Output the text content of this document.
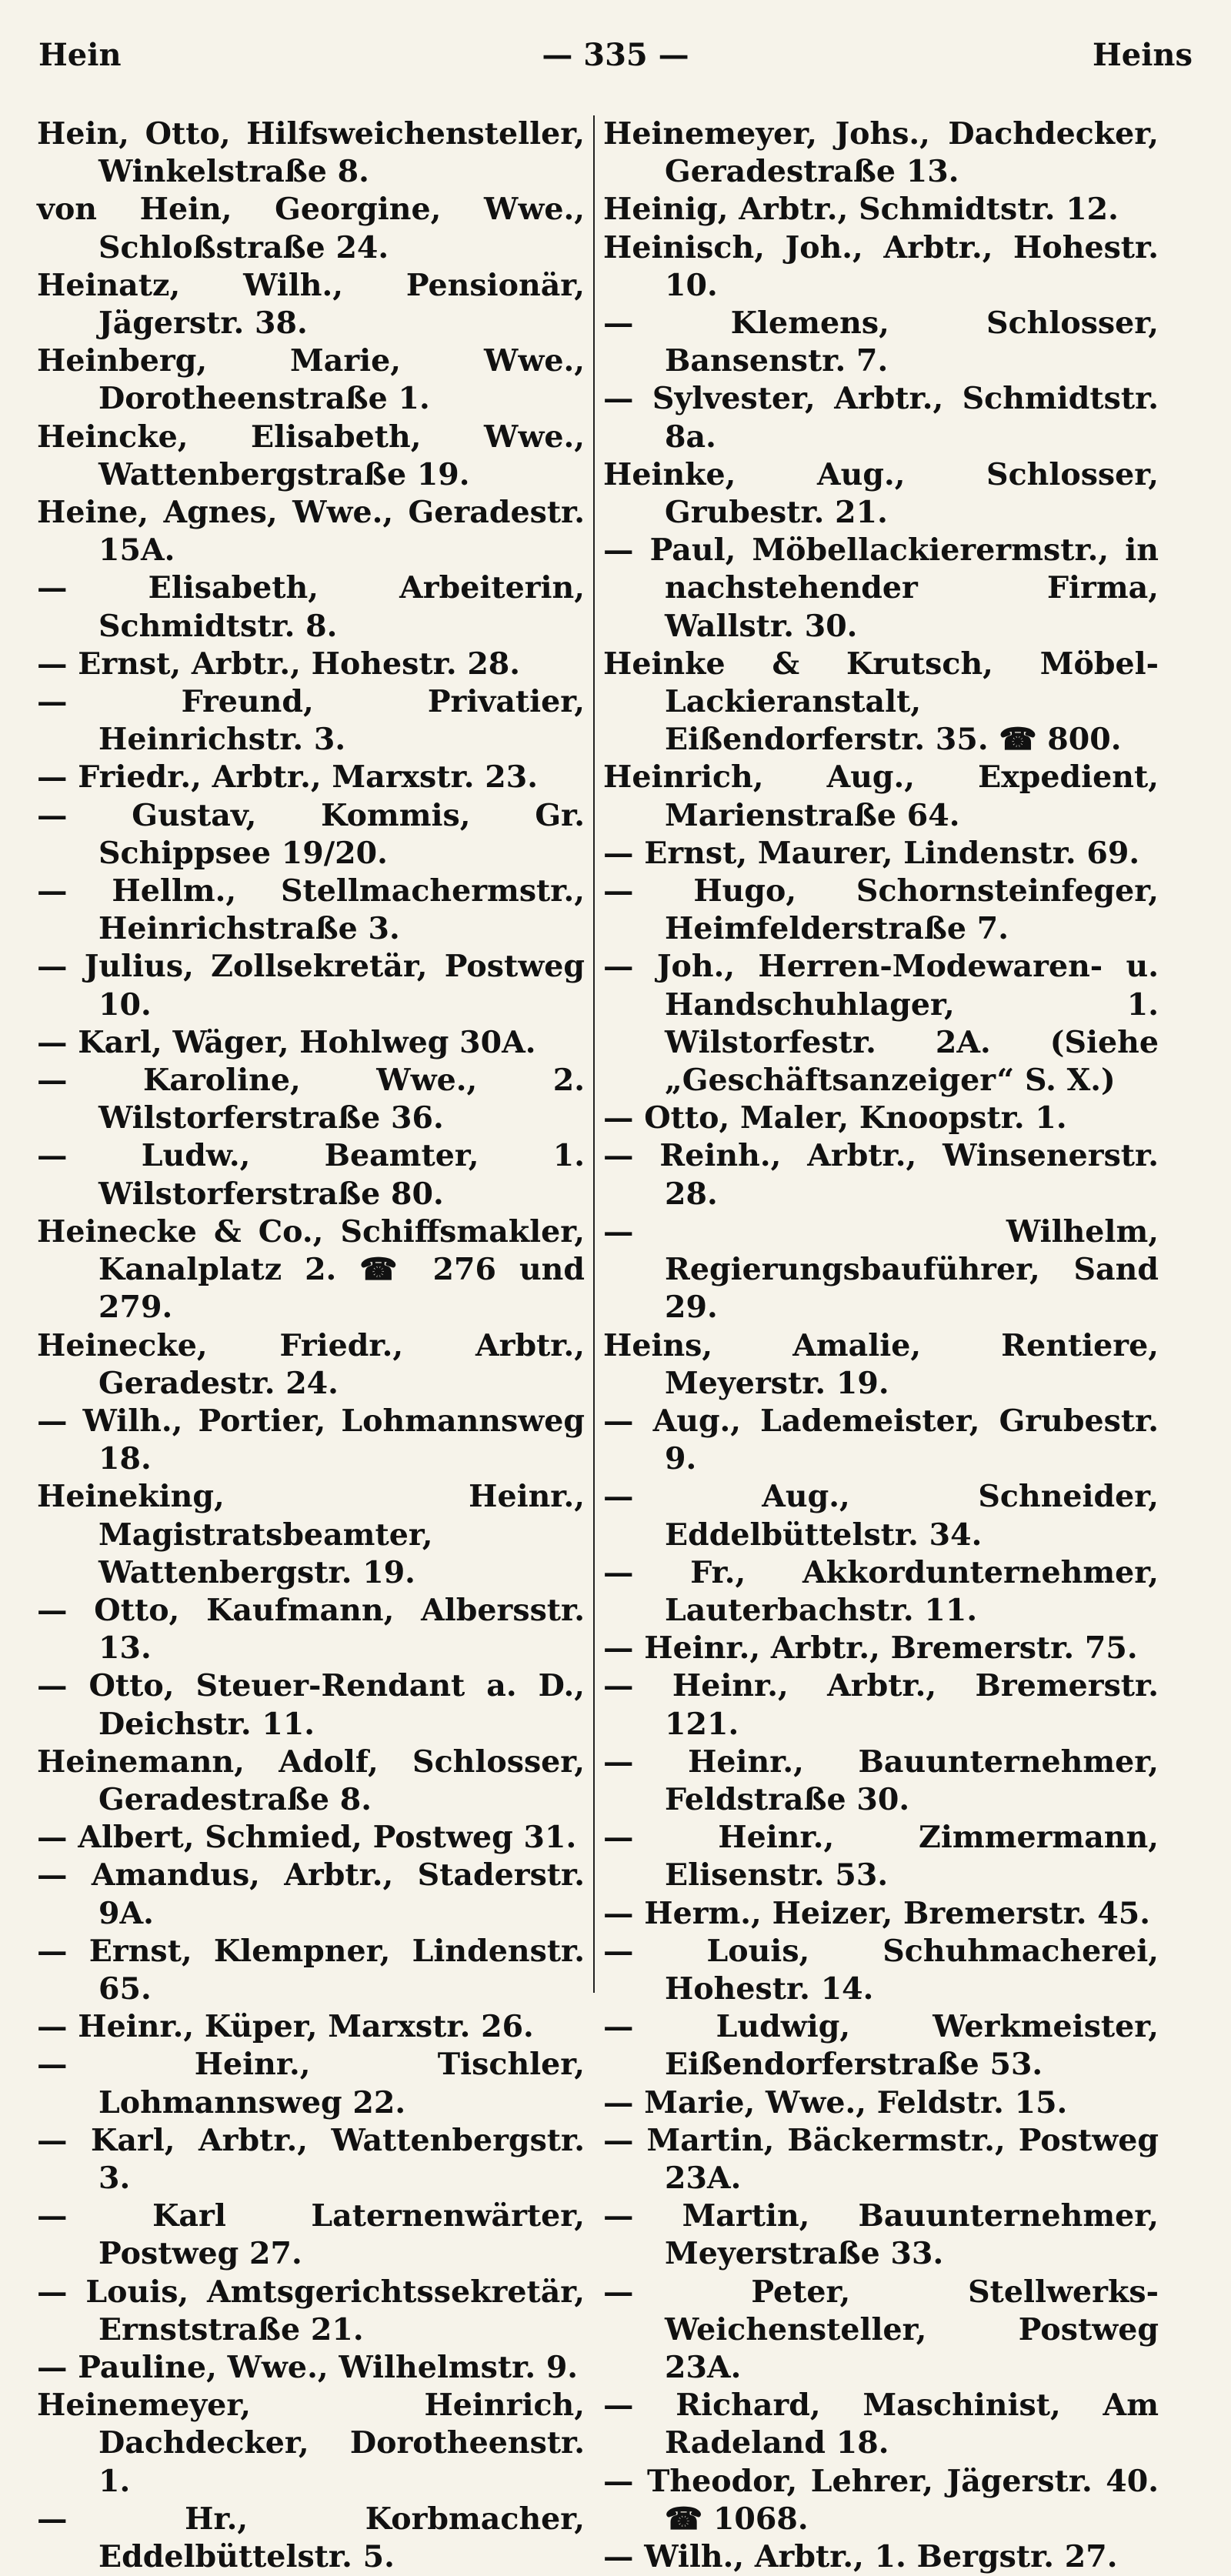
Hein	— 335 —	Heins

Hein, Otto, Hilfsweichensteller, Winkelstraße 8.

von Hein, Georgine, Wwe., Schloßstraße 24.

Heinatz, Wilh., Pensionär, Jägerstr. 38.

Heinberg, Marie, Wwe., Dorotheenstraße 1.

Heincke, Elisabeth, Wwe., Wattenbergstraße 19.

Heine, Agnes, Wwe., Geradestr. 15A.

— Elisabeth, Arbeiterin, Schmidtstr. 8.

— Ernst, Arbtr., Hohestr. 28.

— Freund, Privatier, Heinrichstr. 3.

— Friedr., Arbtr., Marxstr. 23.

— Gustav, Kommis, Gr. Schippsee 19/20.

— Hellm., Stellmachermstr., Heinrichstraße 3.

— Julius, Zollsekretär, Postweg 10.

— Karl, Wäger, Hohlweg 30A.

— Karoline, Wwe., 2. Wilstorferstraße 36.

— Ludw., Beamter, 1. Wilstorferstraße 80.

Heinecke & Co., Schiffsmakler, Kanalplatz 2. ☎ 276 und 279.

Heinecke, Friedr., Arbtr., Geradestr. 24.

— Wilh., Portier, Lohmannsweg 18.

Heineking, Heinr., Magistratsbeamter, Wattenbergstr. 19.

— Otto, Kaufmann, Albersstr. 13.

— Otto, Steuer-Rendant a. D., Deichstr. 11.

Heinemann, Adolf, Schlosser, Geradestraße 8.

— Albert, Schmied, Postweg 31.

— Amandus, Arbtr., Staderstr. 9A.

— Ernst, Klempner, Lindenstr. 65.

— Heinr., Küper, Marxstr. 26.

— Heinr., Tischler, Lohmannsweg 22.

— Karl, Arbtr., Wattenbergstr. 3.

— Karl Laternenwärter, Postweg 27.

— Louis, Amtsgerichtssekretär, Ernststraße 21.

— Pauline, Wwe., Wilhelmstr. 9.

Heinemeyer, Heinrich, Dachdecker, Dorotheenstr. 1.

— Hr., Korbmacher, Eddelbüttelstr. 5.

Heinemeyer, Johs., Dachdecker, Geradestraße 13.

Heinig, Arbtr., Schmidtstr. 12.

Heinisch, Joh., Arbtr., Hohestr. 10.

— Klemens, Schlosser, Bansenstr. 7.

— Sylvester, Arbtr., Schmidtstr. 8a.

Heinke, Aug., Schlosser, Grubestr. 21.

— Paul, Möbellackierermstr., in nachstehender Firma, Wallstr. 30.

Heinke & Krutsch, Möbel-Lackieranstalt, Eißendorferstr. 35. ☎ 800.

Heinrich, Aug., Expedient, Marienstraße 64.

— Ernst, Maurer, Lindenstr. 69.

— Hugo, Schornsteinfeger, Heimfelderstraße 7.

— Joh., Herren-Modewaren- u. Handschuhlager, 1. Wilstorfestr. 2A. (Siehe „Geschäftsanzeiger“ S. X.)

— Otto, Maler, Knoopstr. 1.

— Reinh., Arbtr., Winsenerstr. 28.

— Wilhelm, Regierungsbauführer, Sand 29.

Heins, Amalie, Rentiere, Meyerstr. 19.

— Aug., Lademeister, Grubestr. 9.

— Aug., Schneider, Eddelbüttelstr. 34.

— Fr., Akkordunternehmer, Lauterbachstr. 11.

— Heinr., Arbtr., Bremerstr. 75.

— Heinr., Arbtr., Bremerstr. 121.

— Heinr., Bauunternehmer, Feldstraße 30.

— Heinr., Zimmermann, Elisenstr. 53.

— Herm., Heizer, Bremerstr. 45.

— Louis, Schuhmacherei, Hohestr. 14.

— Ludwig, Werkmeister, Eißendorferstraße 53.

— Marie, Wwe., Feldstr. 15.

— Martin, Bäckermstr., Postweg 23A.

— Martin, Bauunternehmer, Meyerstraße 33.

— Peter, Stellwerks-Weichensteller, Postweg 23A.

— Richard, Maschinist, Am Radeland 18.

— Theodor, Lehrer, Jägerstr. 40. ☎ 1068.

— Wilh., Arbtr., 1. Bergstr. 27.
